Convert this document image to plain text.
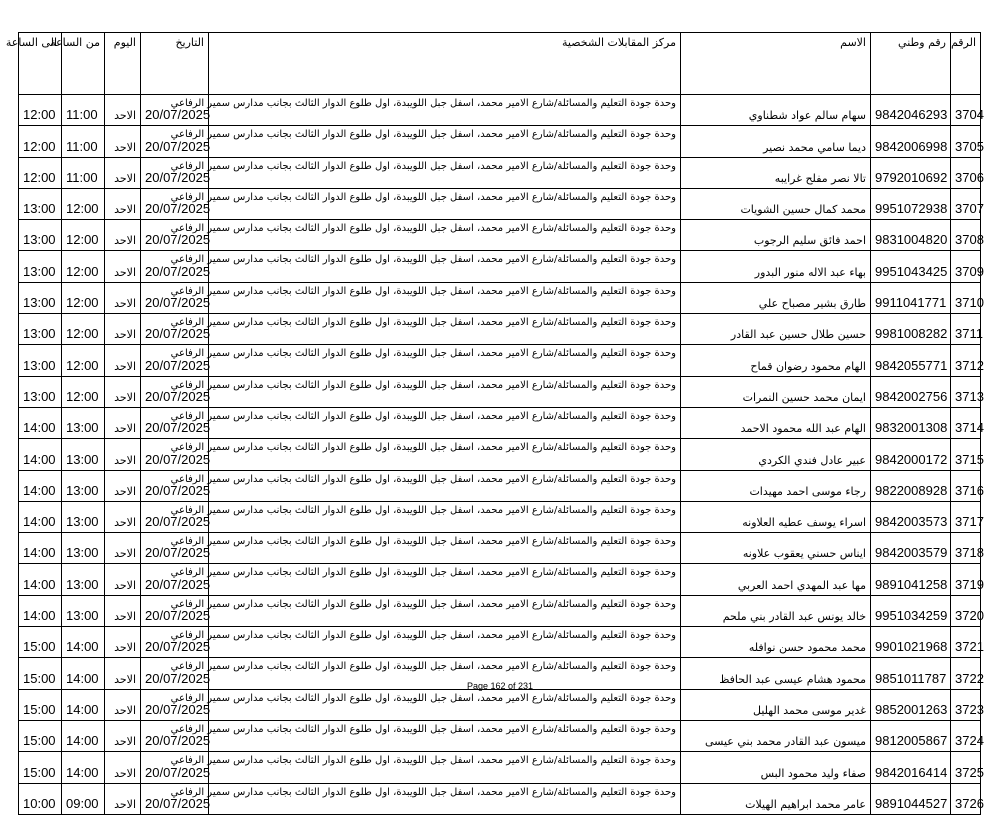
الرقم	رقم وطني	الاسم	مركز المقابلات الشخصية	التاريخ	اليوم	من الساعة	الى الساعة
3704	9842046293	سهام سالم عواد شطناوي	وحدة جودة التعليم والمسائلة/شارع الامير محمد، اسفل جبل اللويبدة، اول طلوع الدوار الثالث بجانب مدارس سمير الرفاعي	20/07/2025	الاحد	11:00	12:00
3705	9842006998	ديما سامي محمد نصير	وحدة جودة التعليم والمسائلة/شارع الامير محمد، اسفل جبل اللويبدة، اول طلوع الدوار الثالث بجانب مدارس سمير الرفاعي	20/07/2025	الاحد	11:00	12:00
3706	9792010692	تالا نصر مفلح غرايبه	وحدة جودة التعليم والمسائلة/شارع الامير محمد، اسفل جبل اللويبدة، اول طلوع الدوار الثالث بجانب مدارس سمير الرفاعي	20/07/2025	الاحد	11:00	12:00
3707	9951072938	محمد كمال حسين الشويات	وحدة جودة التعليم والمسائلة/شارع الامير محمد، اسفل جبل اللويبدة، اول طلوع الدوار الثالث بجانب مدارس سمير الرفاعي	20/07/2025	الاحد	12:00	13:00
3708	9831004820	احمد فائق سليم الرجوب	وحدة جودة التعليم والمسائلة/شارع الامير محمد، اسفل جبل اللويبدة، اول طلوع الدوار الثالث بجانب مدارس سمير الرفاعي	20/07/2025	الاحد	12:00	13:00
3709	9951043425	بهاء عبد الاله منور البدور	وحدة جودة التعليم والمسائلة/شارع الامير محمد، اسفل جبل اللويبدة، اول طلوع الدوار الثالث بجانب مدارس سمير الرفاعي	20/07/2025	الاحد	12:00	13:00
3710	9911041771	طارق بشير مصباح علي	وحدة جودة التعليم والمسائلة/شارع الامير محمد، اسفل جبل اللويبدة، اول طلوع الدوار الثالث بجانب مدارس سمير الرفاعي	20/07/2025	الاحد	12:00	13:00
3711	9981008282	حسين طلال حسين عبد القادر	وحدة جودة التعليم والمسائلة/شارع الامير محمد، اسفل جبل اللويبدة، اول طلوع الدوار الثالث بجانب مدارس سمير الرفاعي	20/07/2025	الاحد	12:00	13:00
3712	9842055771	الهام محمود رضوان قماح	وحدة جودة التعليم والمسائلة/شارع الامير محمد، اسفل جبل اللويبدة، اول طلوع الدوار الثالث بجانب مدارس سمير الرفاعي	20/07/2025	الاحد	12:00	13:00
3713	9842002756	ايمان محمد حسين النمرات	وحدة جودة التعليم والمسائلة/شارع الامير محمد، اسفل جبل اللويبدة، اول طلوع الدوار الثالث بجانب مدارس سمير الرفاعي	20/07/2025	الاحد	12:00	13:00
3714	9832001308	الهام عبد الله محمود الاحمد	وحدة جودة التعليم والمسائلة/شارع الامير محمد، اسفل جبل اللويبدة، اول طلوع الدوار الثالث بجانب مدارس سمير الرفاعي	20/07/2025	الاحد	13:00	14:00
3715	9842000172	عبير عادل فندي الكردي	وحدة جودة التعليم والمسائلة/شارع الامير محمد، اسفل جبل اللويبدة، اول طلوع الدوار الثالث بجانب مدارس سمير الرفاعي	20/07/2025	الاحد	13:00	14:00
3716	9822008928	رجاء موسى احمد مهيدات	وحدة جودة التعليم والمسائلة/شارع الامير محمد، اسفل جبل اللويبدة، اول طلوع الدوار الثالث بجانب مدارس سمير الرفاعي	20/07/2025	الاحد	13:00	14:00
3717	9842003573	اسراء يوسف عطيه العلاونه	وحدة جودة التعليم والمسائلة/شارع الامير محمد، اسفل جبل اللويبدة، اول طلوع الدوار الثالث بجانب مدارس سمير الرفاعي	20/07/2025	الاحد	13:00	14:00
3718	9842003579	ايناس حسني يعقوب علاونه	وحدة جودة التعليم والمسائلة/شارع الامير محمد، اسفل جبل اللويبدة، اول طلوع الدوار الثالث بجانب مدارس سمير الرفاعي	20/07/2025	الاحد	13:00	14:00
3719	9891041258	مها عبد المهدي احمد العربي	وحدة جودة التعليم والمسائلة/شارع الامير محمد، اسفل جبل اللويبدة، اول طلوع الدوار الثالث بجانب مدارس سمير الرفاعي	20/07/2025	الاحد	13:00	14:00
3720	9951034259	خالد يونس عبد القادر بني ملحم	وحدة جودة التعليم والمسائلة/شارع الامير محمد، اسفل جبل اللويبدة، اول طلوع الدوار الثالث بجانب مدارس سمير الرفاعي	20/07/2025	الاحد	13:00	14:00
3721	9901021968	محمد محمود حسن نوافله	وحدة جودة التعليم والمسائلة/شارع الامير محمد، اسفل جبل اللويبدة، اول طلوع الدوار الثالث بجانب مدارس سمير الرفاعي	20/07/2025	الاحد	14:00	15:00
3722	9851011787	محمود هشام عيسى عبد الحافظ	وحدة جودة التعليم والمسائلة/شارع الامير محمد، اسفل جبل اللويبدة، اول طلوع الدوار الثالث بجانب مدارس سمير الرفاعي	20/07/2025	الاحد	14:00	15:00
3723	9852001263	غدير موسى محمد الهليل	وحدة جودة التعليم والمسائلة/شارع الامير محمد، اسفل جبل اللويبدة، اول طلوع الدوار الثالث بجانب مدارس سمير الرفاعي	20/07/2025	الاحد	14:00	15:00
3724	9812005867	ميسون عبد القادر محمد بني عيسى	وحدة جودة التعليم والمسائلة/شارع الامير محمد، اسفل جبل اللويبدة، اول طلوع الدوار الثالث بجانب مدارس سمير الرفاعي	20/07/2025	الاحد	14:00	15:00
3725	9842016414	صفاء وليد محمود البس	وحدة جودة التعليم والمسائلة/شارع الامير محمد، اسفل جبل اللويبدة، اول طلوع الدوار الثالث بجانب مدارس سمير الرفاعي	20/07/2025	الاحد	14:00	15:00
3726	9891044527	عامر محمد ابراهيم الهيلات	وحدة جودة التعليم والمسائلة/شارع الامير محمد، اسفل جبل اللويبدة، اول طلوع الدوار الثالث بجانب مدارس سمير الرفاعي	20/07/2025	الاحد	09:00	10:00
Page 162 of 231
